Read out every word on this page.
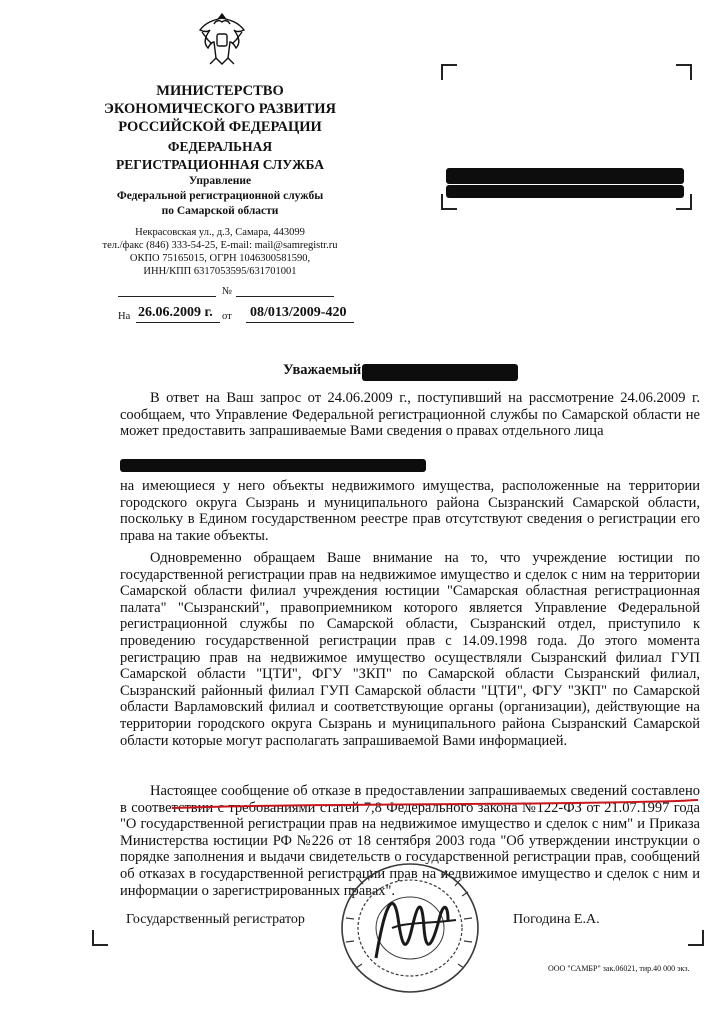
МИНИСТЕРСТВО
ЭКОНОМИЧЕСКОГО РАЗВИТИЯ
РОССИЙСКОЙ ФЕДЕРАЦИИ
ФЕДЕРАЛЬНАЯ
РЕГИСТРАЦИОННАЯ СЛУЖБА
Управление
Федеральной регистрационной службы
по Самарской области
Некрасовская ул., д.3, Самара, 443099
тел./факс (846) 333-54-25, E-mail: mail@samregistr.ru
ОКПО 75165015, ОГРН 1046300581590,
ИНН/КПП 6317053595/631701001
№
На 26.06.2009 г. от 08/013/2009-420
Уважаемый

В ответ на Ваш запрос от 24.06.2009 г., поступивший на рассмотрение 24.06.2009 г. сообщаем, что Управление Федеральной регистрационной службы по Самарской области не может предоставить запрашиваемые Вами сведения о правах отдельного лица

на имеющиеся у него объекты недвижимого имущества, расположенные на территории городского округа Сызрань и муниципального района Сызранский Самарской области, поскольку в Едином государственном реестре прав отсутствуют сведения о регистрации его права на такие объекты.

Одновременно обращаем Ваше внимание на то, что учреждение юстиции по государственной регистрации прав на недвижимое имущество и сделок с ним на территории Самарской области филиал учреждения юстиции "Самарская областная регистрационная палата" "Сызранский", правоприемником которого является Управление Федеральной регистрационной службы по Самарской области, Сызранский отдел, приступило к проведению государственной регистрации прав с 14.09.1998 года. До этого момента регистрацию прав на недвижимое имущество осуществляли Сызранский филиал ГУП Самарской области "ЦТИ", ФГУ "ЗКП" по Самарской области Сызранский филиал, Сызранский районный филиал ГУП Самарской области "ЦТИ", ФГУ "ЗКП" по Самарской области Варламовский филиал и соответствующие органы (организации), действующие на территории городского округа Сызрань и муниципального района Сызранский Самарской области которые могут располагать запрашиваемой Вами информацией.

Настоящее сообщение об отказе в предоставлении запрашиваемых сведений составлено в соответствии с требованиями статей 7,8 Федерального закона №122-ФЗ от 21.07.1997 года "О государственной регистрации прав на недвижимое имущество и сделок с ним" и Приказа Министерства юстиции РФ №226 от 18 сентября 2003 года "Об утверждении инструкции о порядке заполнения и выдачи свидетельств о государственной регистрации прав, сообщений об отказах в государственной регистрации прав на недвижимое имущество и сделок с ним и информации о зарегистрированных правах".

Государственный регистратор	Погодина Е.А.
ООО "САМБР" зак.06021, тир.40 000 экз.
